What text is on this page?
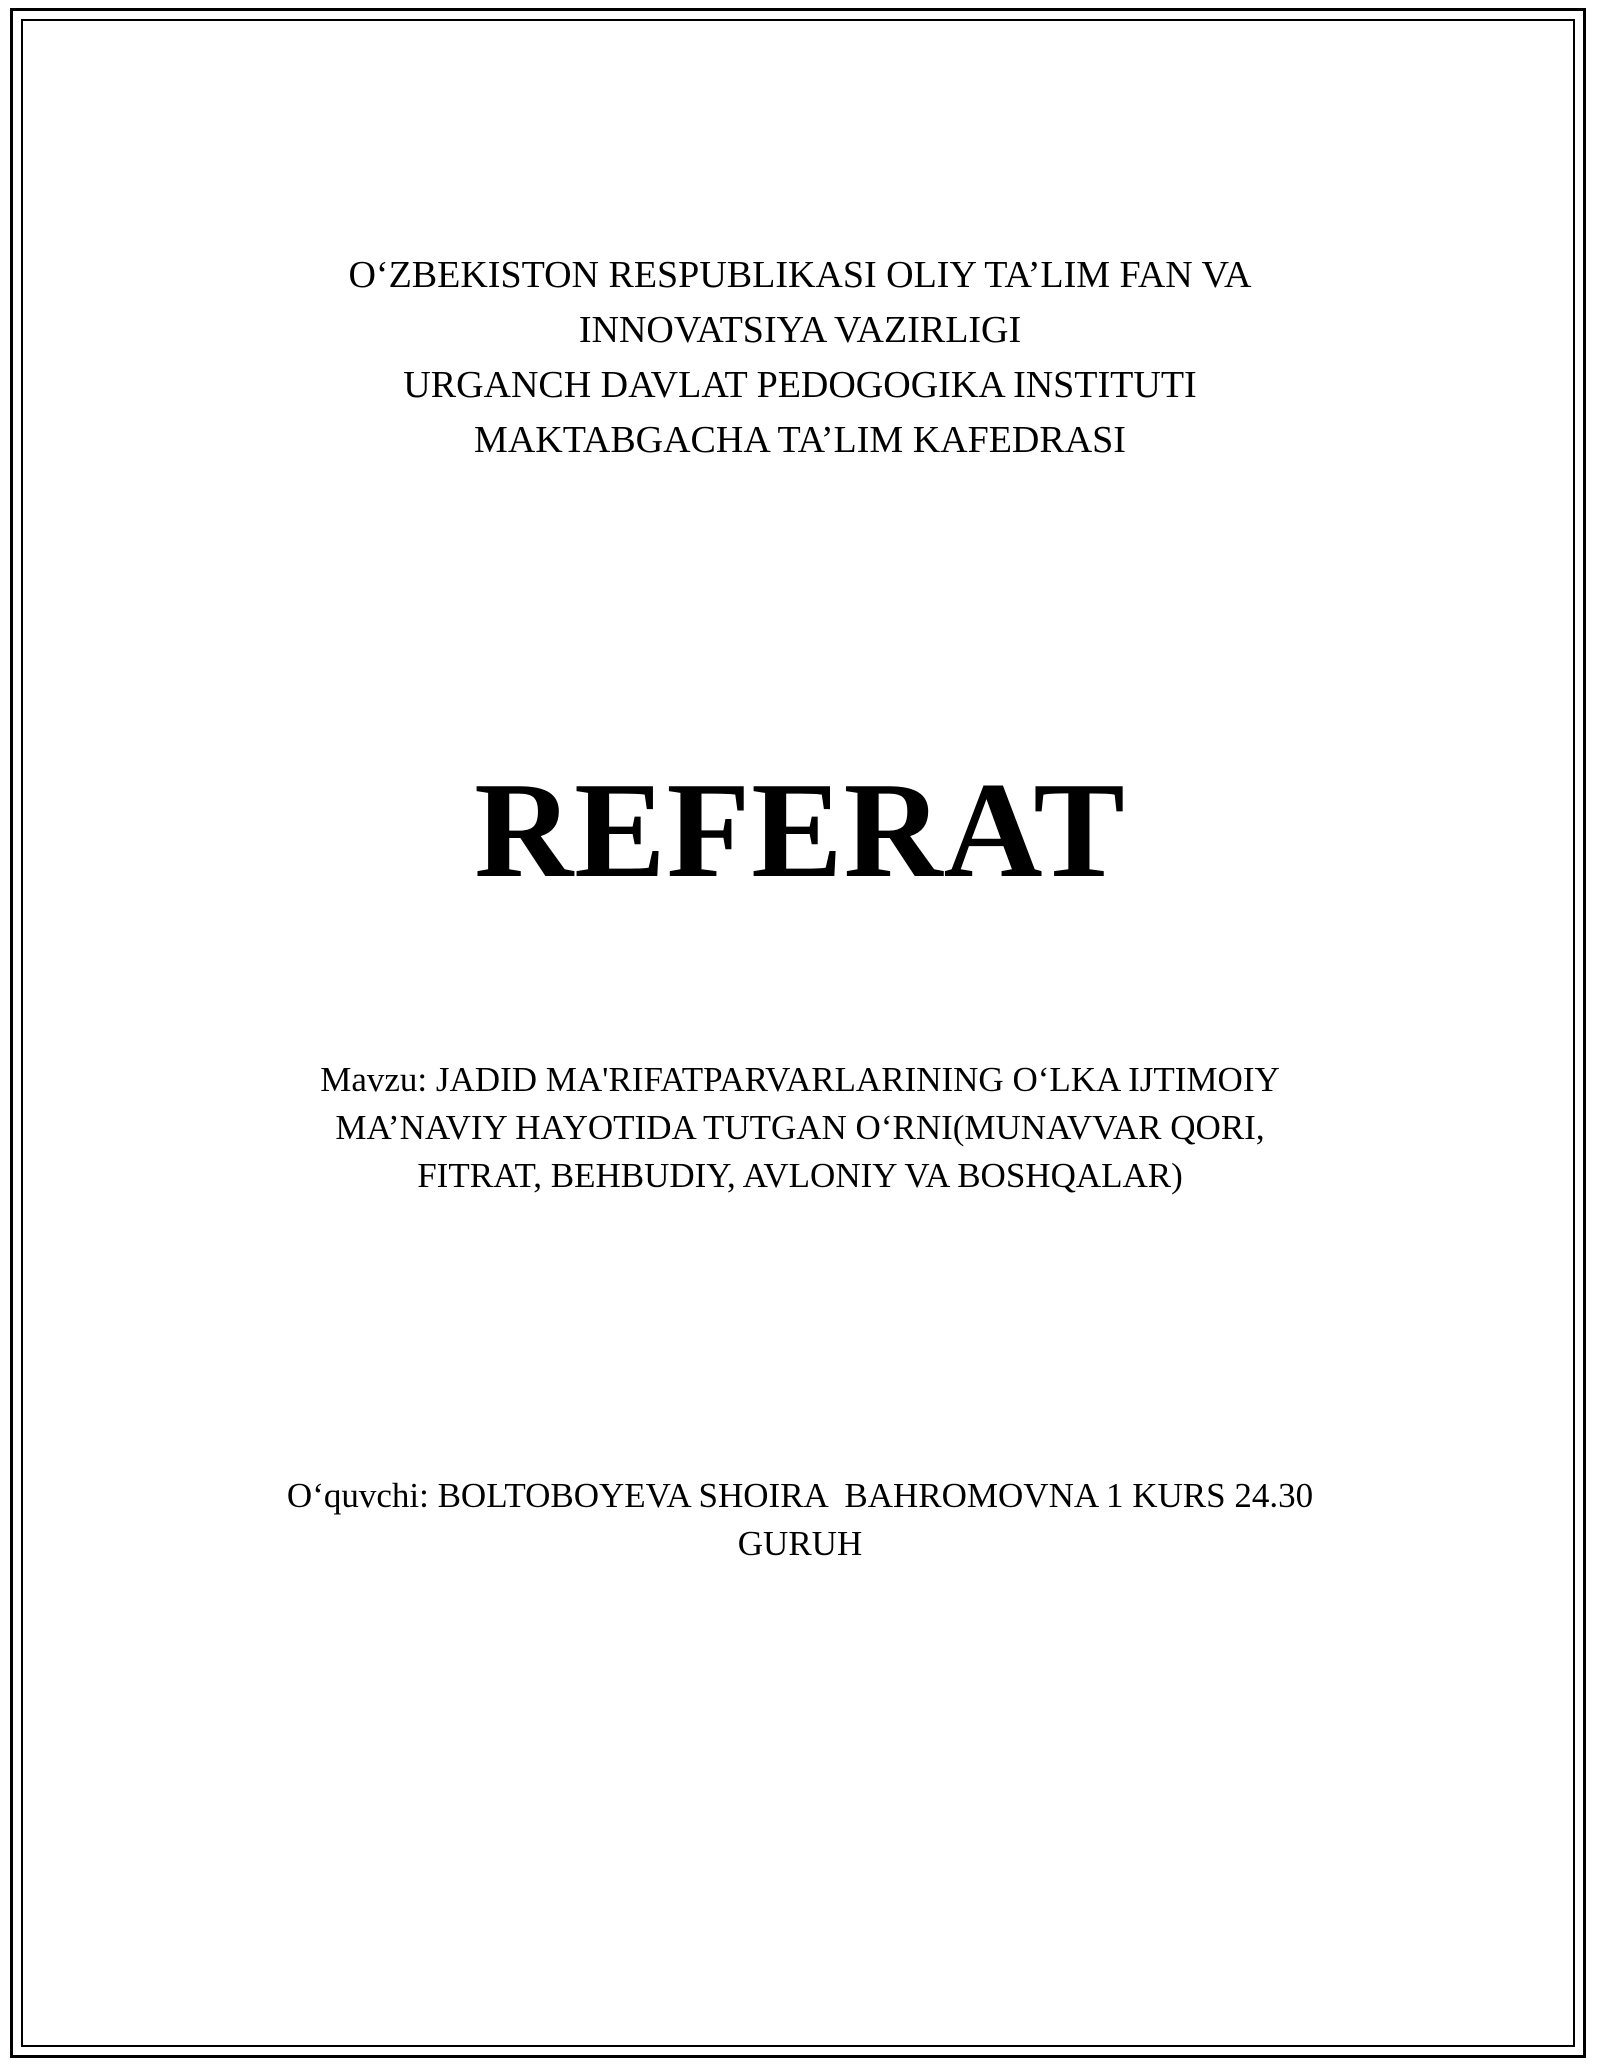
O‘ZBEKISTON RESPUBLIKASI OLIY TA’LIM FAN VA
INNOVATSIYA VAZIRLIGI
URGANCH DAVLAT PEDOGOGIKA INSTITUTI
MAKTABGACHA TA’LIM KAFEDRASI
REFERAT
Mavzu: JADID MA'RIFATPARVARLARINING O‘LKA IJTIMOIY
MA’NAVIY HAYOTIDA TUTGAN O‘RNI(MUNAVVAR QORI,
FITRAT, BEHBUDIY, AVLONIY VA BOSHQALAR)
O‘quvchi: BOLTOBOYEVA SHOIRA  BAHROMOVNA 1 KURS 24.30
GURUH
